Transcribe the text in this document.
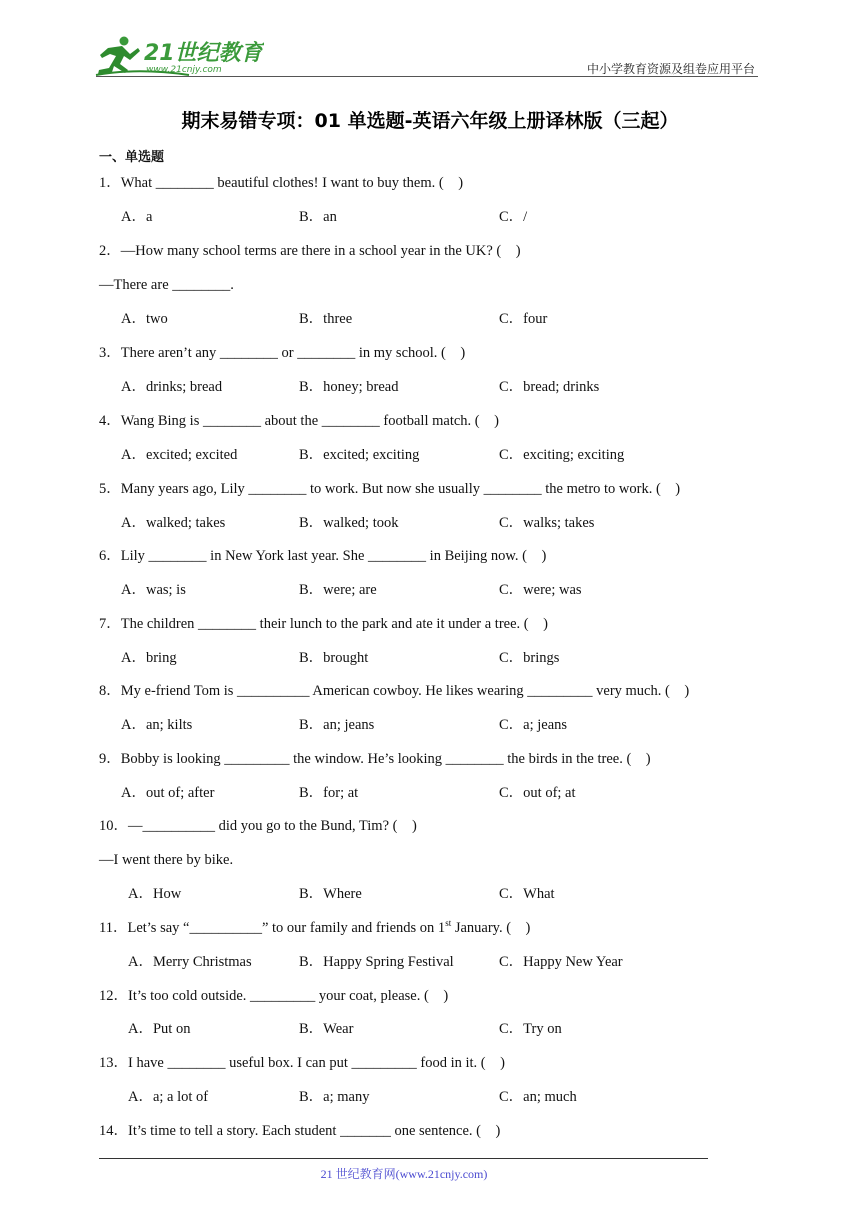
21世纪教育
www.21cnjy.com	中小学教育资源及组卷应用平台
期末易错专项：01 单选题-英语六年级上册译林版（三起）
一、单选题
1．What ________ beautiful clothes! I want to buy them. (　)
A．a	B．an	C．/
2．—How many school terms are there in a school year in the UK? (　)
—There are ________.
A．two	B．three	C．four
3．There aren’t any ________ or ________ in my school. (　)
A．drinks; bread	B．honey; bread	C．bread; drinks
4．Wang Bing is ________ about the ________ football match. (　)
A．excited; excited	B．excited; exciting	C．exciting; exciting
5．Many years ago, Lily ________ to work. But now she usually ________ the metro to work. (　)
A．walked; takes	B．walked; took	C．walks; takes
6．Lily ________ in New York last year. She ________ in Beijing now. (　)
A．was; is	B．were; are	C．were; was
7．The children ________ their lunch to the park and ate it under a tree. (　)
A．bring	B．brought	C．brings
8．My e-friend Tom is __________ American cowboy. He likes wearing _________ very much. (　)
A．an; kilts	B．an; jeans	C．a; jeans
9．Bobby is looking _________ the window. He’s looking ________ the birds in the tree. (　)
A．out of; after	B．for; at	C．out of; at
10．—__________ did you go to the Bund, Tim? (　)
—I went there by bike.
A．How	B．Where	C．What
11．Let’s say “__________” to our family and friends on 1st January. (　)
A．Merry Christmas	B．Happy Spring Festival	C．Happy New Year
12．It’s too cold outside. _________ your coat, please. (　)
A．Put on	B．Wear	C．Try on
13．I have ________ useful box. I can put _________ food in it. (　)
A．a; a lot of	B．a; many	C．an; much
14．It’s time to tell a story. Each student _______ one sentence. (　)
21 世纪教育网(www.21cnjy.com)
